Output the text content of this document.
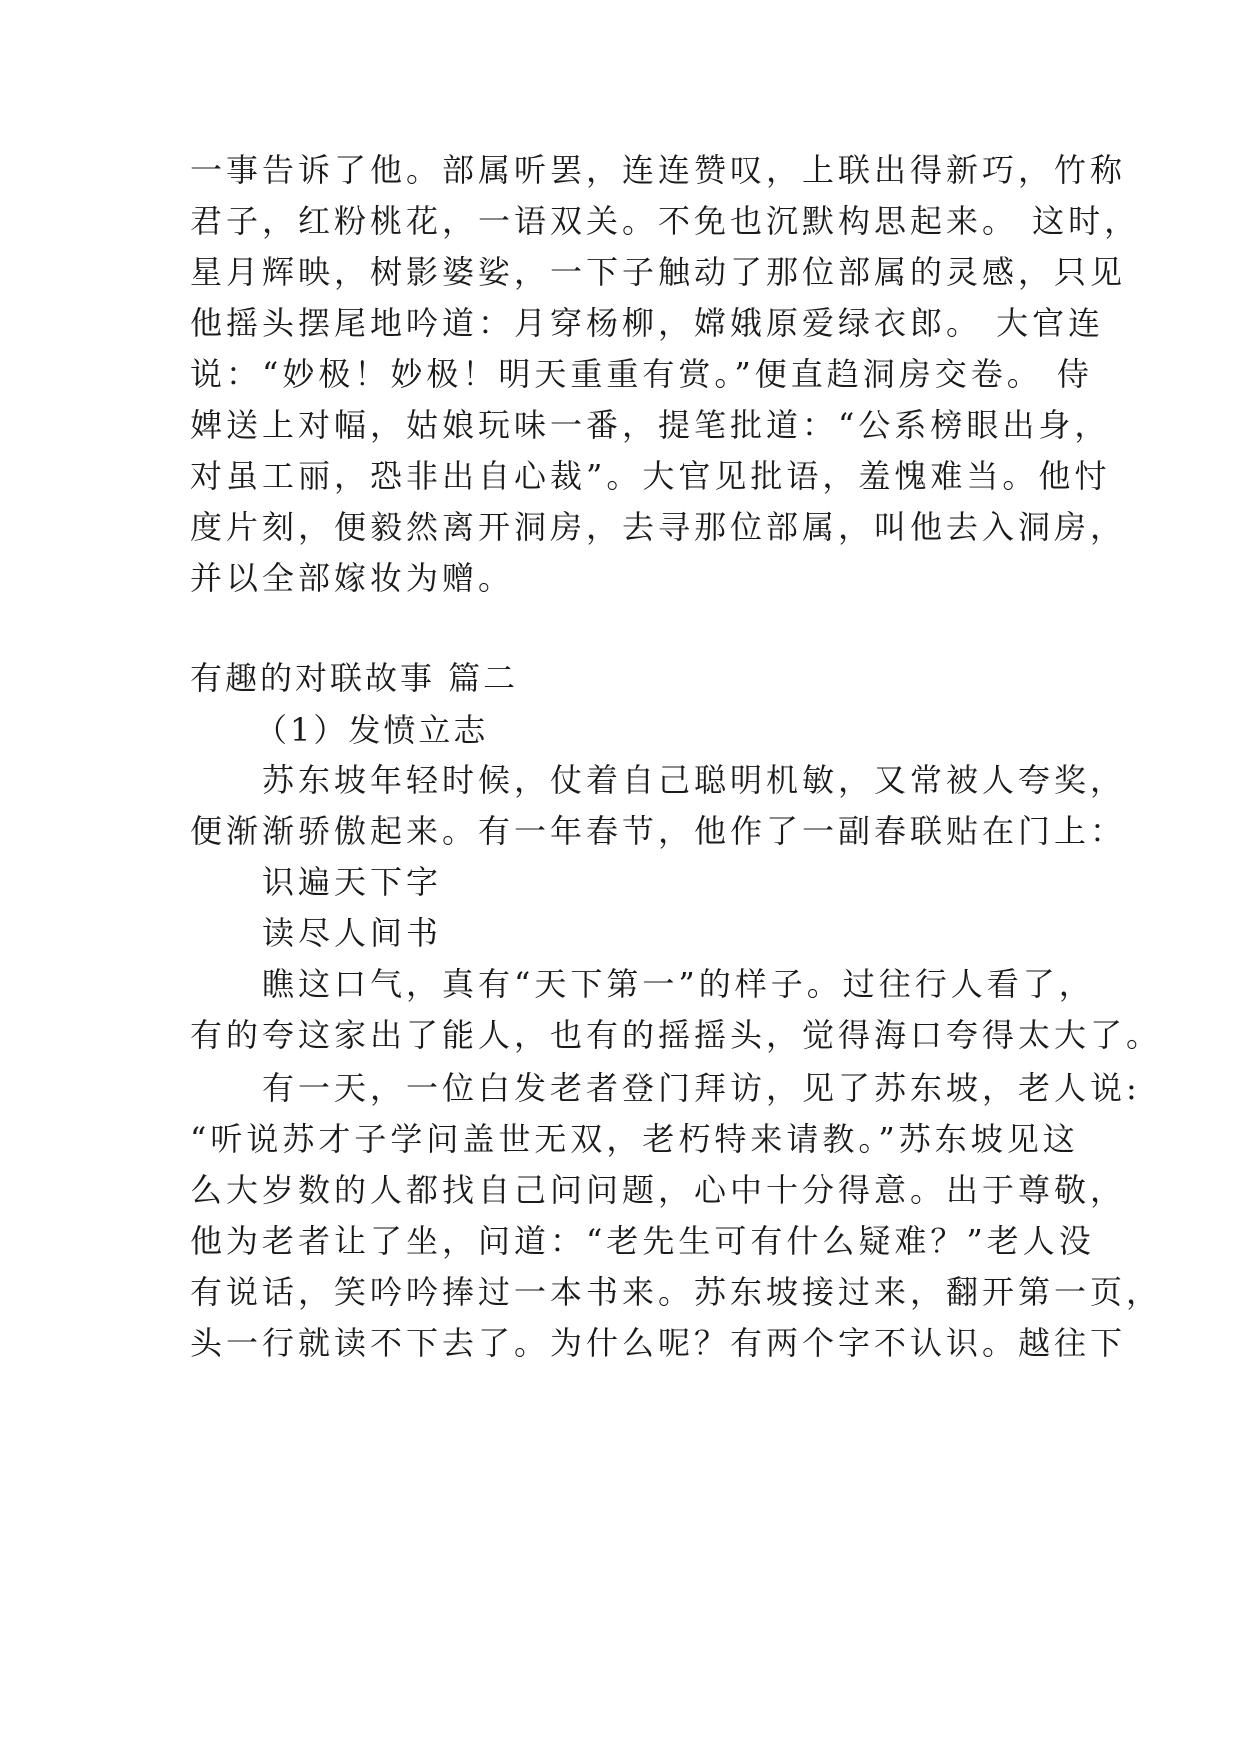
一事告诉了他。部属听罢，连连赞叹，上联出得新巧，竹称
君子，红粉桃花，一语双关。不免也沉默构思起来。 这时，
星月辉映，树影婆娑，一下子触动了那位部属的灵感，只见
他摇头摆尾地吟道：月穿杨柳，嫦娥原爱绿衣郎。 大官连
说：“妙极！妙极！明天重重有赏。”便直趋洞房交卷。 侍
婢送上对幅，姑娘玩味一番，提笔批道：“公系榜眼出身，
对虽工丽，恐非出自心裁”。大官见批语，羞愧难当。他忖
度片刻，便毅然离开洞房，去寻那位部属，叫他去入洞房，
并以全部嫁妆为赠。
有趣的对联故事 篇二
（1）发愤立志
苏东坡年轻时候，仗着自己聪明机敏，又常被人夸奖，
便渐渐骄傲起来。有一年春节，他作了一副春联贴在门上：
识遍天下字
读尽人间书
瞧这口气，真有“天下第一”的样子。过往行人看了，
有的夸这家出了能人，也有的摇摇头，觉得海口夸得太大了。
有一天，一位白发老者登门拜访，见了苏东坡，老人说:
“听说苏才子学问盖世无双，老朽特来请教。”苏东坡见这
么大岁数的人都找自己问问题，心中十分得意。出于尊敬，
他为老者让了坐，问道：“老先生可有什么疑难？”老人没
有说话，笑吟吟捧过一本书来。苏东坡接过来，翻开第一页，
头一行就读不下去了。为什么呢？有两个字不认识。越往下
